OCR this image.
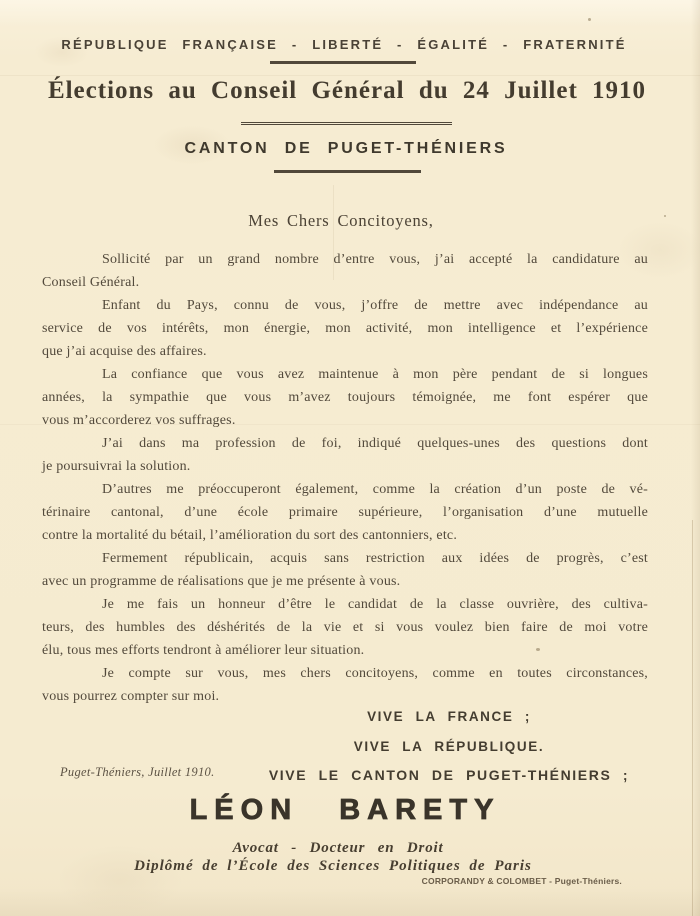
RÉPUBLIQUE FRANÇAISE - LIBERTÉ - ÉGALITÉ - FRATERNITÉ
Élections au Conseil Général du 24 Juillet 1910
CANTON DE PUGET-THÉNIERS
Mes Chers Concitoyens,
Sollicité par un grand nombre d’entre vous, j’ai accepté la candidature au
Conseil Général.
Enfant du Pays, connu de vous, j’offre de mettre avec indépendance au
service de vos intérêts, mon énergie, mon activité, mon intelligence et l’expérience
que j’ai acquise des affaires.
La confiance que vous avez maintenue à mon père pendant de si longues
années, la sympathie que vous m’avez toujours témoignée, me font espérer que
vous m’accorderez vos suffrages.
J’ai dans ma profession de foi, indiqué quelques-unes des questions dont
je poursuivrai la solution.
D’autres me préoccuperont également, comme la création d’un poste de vé-
térinaire cantonal, d’une école primaire supérieure, l’organisation d’une mutuelle
contre la mortalité du bétail, l’amélioration du sort des cantonniers, etc.
Fermement républicain, acquis sans restriction aux idées de progrès, c’est
avec un programme de réalisations que je me présente à vous.
Je me fais un honneur d’être le candidat de la classe ouvrière, des cultiva-
teurs, des humbles des déshérités de la vie et si vous voulez bien faire de moi votre
élu, tous mes efforts tendront à améliorer leur situation.
Je compte sur vous, mes chers concitoyens, comme en toutes circonstances,
vous pourrez compter sur moi.
VIVE LA FRANCE ;
VIVE LA RÉPUBLIQUE.
VIVE LE CANTON DE PUGET-THÉNIERS ;
Puget-Théniers, Juillet 1910.
LÉON BARETY
Avocat - Docteur en Droit
Diplômé de l’École des Sciences Politiques de Paris
CORPORANDY & COLOMBET - Puget-Théniers.
